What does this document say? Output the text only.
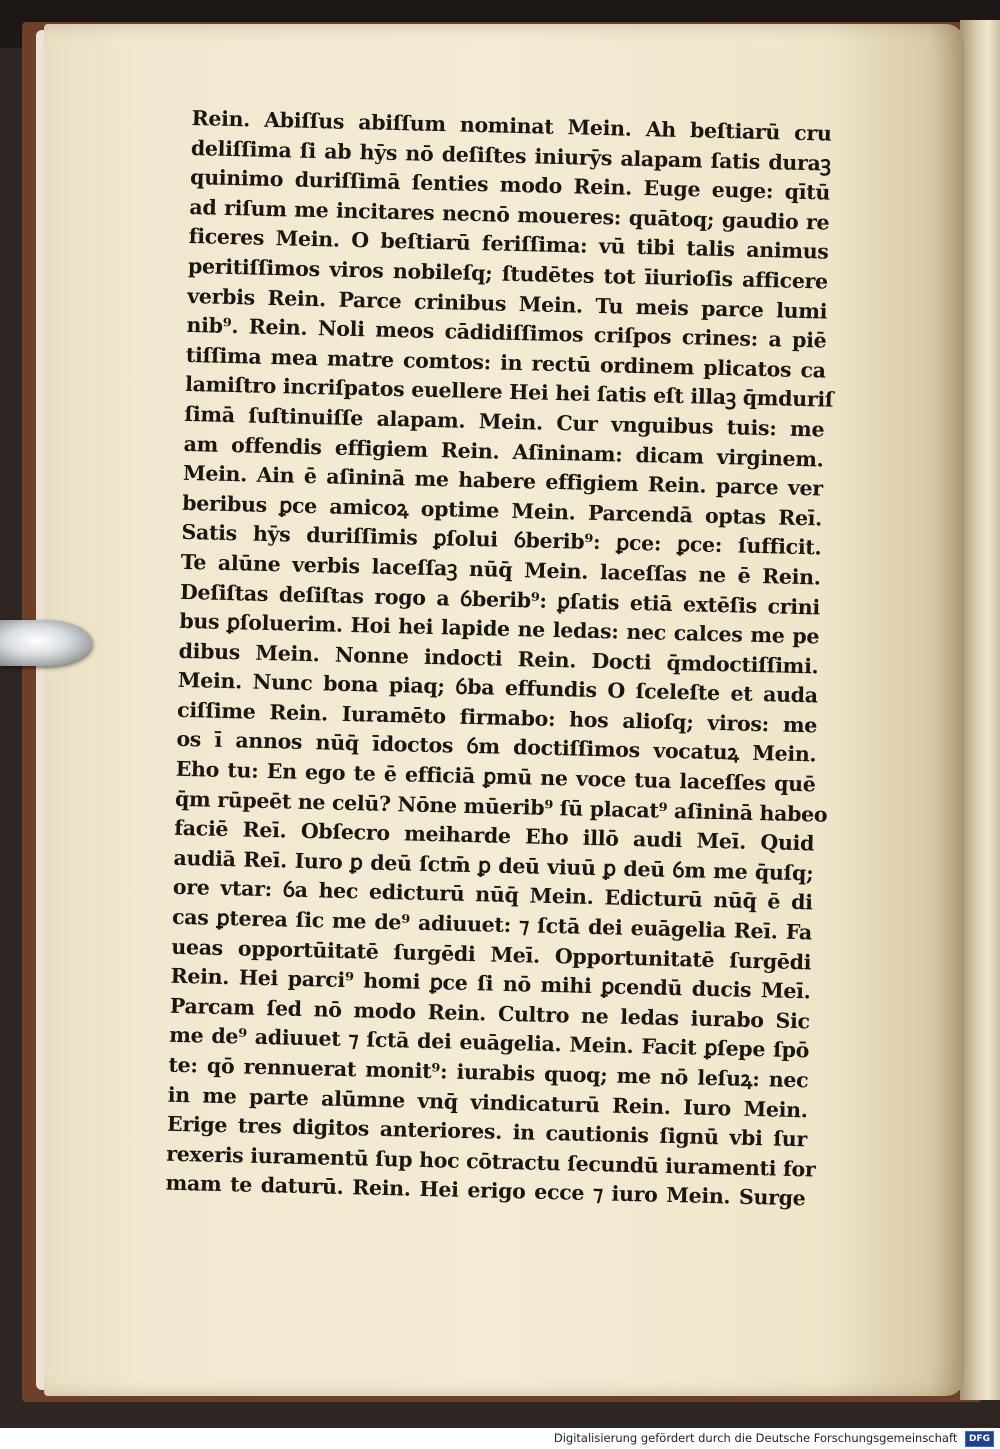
Rein. Abiſſus abiſſum nominat Mein. Ah beſtiarū cru
deliſſima ſi ab hȳs nō deſiſtes iniurȳs alapam ſatis duraꝫ
quinimo duriſſimā ſenties modo Rein. Euge euge: qītū
ad riſum me incitares necnō moueres: quātoq; gaudio re
ficeres Mein. O beſtiarū feriſſima: vū tibi talis animus
peritiſſimos viros nobileſq; ſtudētes tot īiurioſis afficere
verbis Rein. Parce crinibus Mein. Tu meis parce lumi
nib⁹. Rein. Noli meos cādidiſſimos criſpos crines: a piē
tiſſima mea matre comtos: in rectū ordinem plicatos ca
lamiſtro incriſpatos euellere Hei hei ſatis eſt illaꝫ q̄mduriſ
ſimā ſuſtinuiſſe alapam. Mein. Cur vnguibus tuis: me
am offendis effigiem Rein. Aſininam: dicam virginem.
Mein. Ain ē aſininā me habere effigiem Rein. parce ver
beribus ꝑce amicoꝝ optime Mein. Parcendā optas Reī.
Satis hȳs duriſſimis ꝑſolui ỽberib⁹: ꝑce: ꝑce: ſufficit.
Te alūne verbis laceſſaꝫ nūq̄ Mein. laceſſas ne ē Rein.
Deſiſtas deſiſtas rogo a ỽberib⁹: ꝑſatis etiā extēſis crini
bus ꝑſoluerim. Hoi hei lapide ne ledas: nec calces me pe
dibus Mein. Nonne indocti Rein. Docti q̄mdoctiſſimi.
Mein. Nunc bona piaq; ỽba effundis O ſceleſte et auda
ciſſime Rein. Iuramēto firmabo: hos alioſq; viros: me
os ī annos nūq̄ īdoctos ỽm doctiſſimos vocatuꝝ Mein.
Eho tu: En ego te ē efficiā ꝑmū ne voce tua laceſſes quē
q̄m rūpeēt ne celū? Nōne mūerib⁹ ſū placat⁹ aſininā habeo
faciē Reī. Obſecro meiharde Eho illō audi Meī. Quid
audiā Reī. Iuro ꝑ deū ſctm̄ ꝑ deū viuū ꝑ deū ỽm me q̄uſq;
ore vtar: ỽa hec edicturū nūq̄ Mein. Edicturū nūq̄ ē di
cas ꝑterea ſic me de⁹ adiuuet: ⁊ ſctā dei euāgelia Reī. Fa
ueas opportūitatē ſurgēdi Meī. Opportunitatē ſurgēdi
Rein. Hei parci⁹ homi ꝑce ſi nō mihi ꝑcendū ducis Meī.
Parcam ſed nō modo Rein. Cultro ne ledas iurabo Sic
me de⁹ adiuuet ⁊ ſctā dei euāgelia. Mein. Facit ꝑſepe ſpō
te: qō rennuerat monit⁹: iurabis quoq; me nō leſuꝝ: nec
in me parte alūmne vnq̄ vindicaturū Rein. Iuro Mein.
Erige tres digitos anteriores. in cautionis ſignū vbi ſur
rexeris iuramentū ſup hoc cōtractu ſecundū iuramenti for
mam te daturū. Rein. Hei erigo ecce ⁊ iuro Mein. Surge
Digitalisierung gefördert durch die Deutsche Forschungsgemeinschaft DFG
